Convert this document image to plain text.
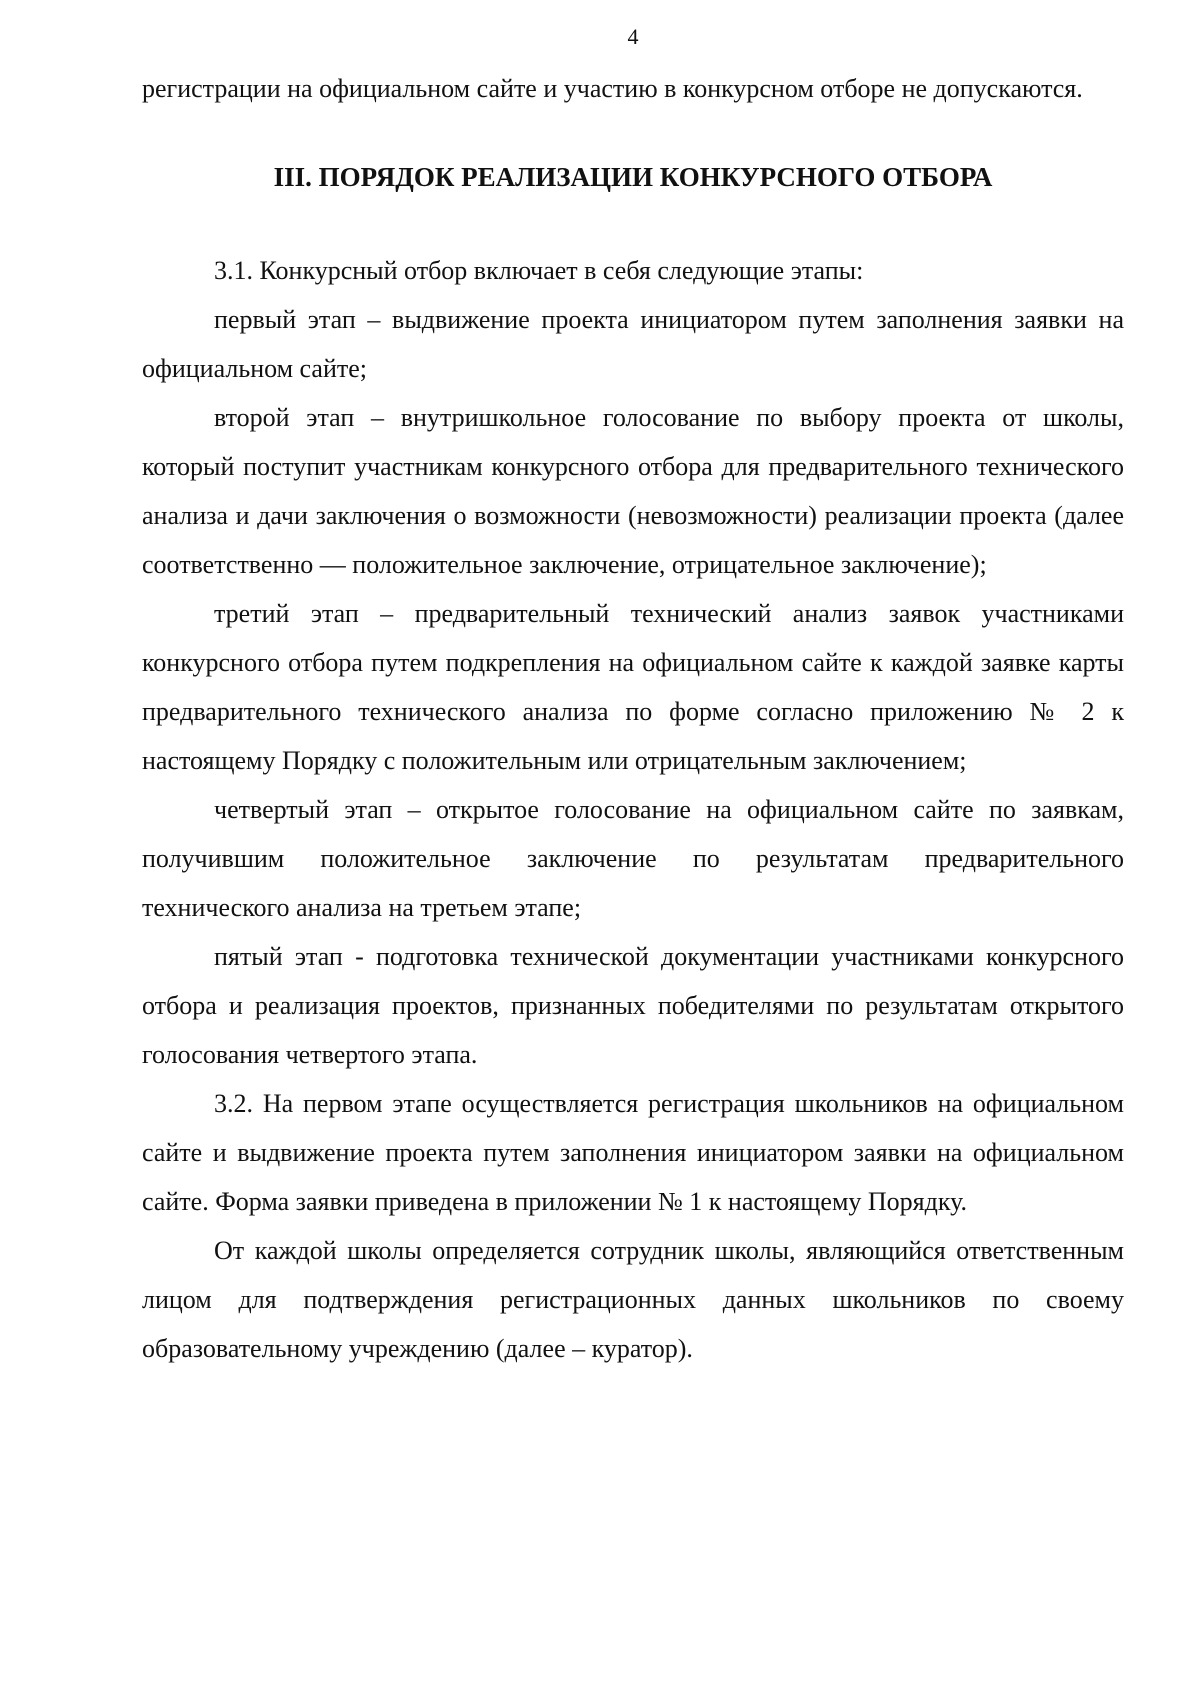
4

регистрации на официальном сайте и участию в конкурсном отборе не допускаются.

III. ПОРЯДОК РЕАЛИЗАЦИИ КОНКУРСНОГО ОТБОРА

3.1. Конкурсный отбор включает в себя следующие этапы:

первый этап – выдвижение проекта инициатором путем заполнения заявки на официальном сайте;

второй этап – внутришкольное голосование по выбору проекта от школы, который поступит участникам конкурсного отбора для предварительного технического анализа и дачи заключения о возможности (невозможности) реализации проекта (далее соответственно — положительное заключение, отрицательное заключение);

третий этап – предварительный технический анализ заявок участниками конкурсного отбора путем подкрепления на официальном сайте к каждой заявке карты предварительного технического анализа по форме согласно приложению № 2 к настоящему Порядку с положительным или отрицательным заключением;

четвертый этап – открытое голосование на официальном сайте по заявкам, получившим положительное заключение по результатам предварительного технического анализа на третьем этапе;

пятый этап - подготовка технической документации участниками конкурсного отбора и реализация проектов, признанных победителями по результатам открытого голосования четвертого этапа.

3.2. На первом этапе осуществляется регистрация школьников на официальном сайте и выдвижение проекта путем заполнения инициатором заявки на официальном сайте. Форма заявки приведена в приложении № 1 к настоящему Порядку.

От каждой школы определяется сотрудник школы, являющийся ответственным лицом для подтверждения регистрационных данных школьников по своему образовательному учреждению (далее – куратор).
